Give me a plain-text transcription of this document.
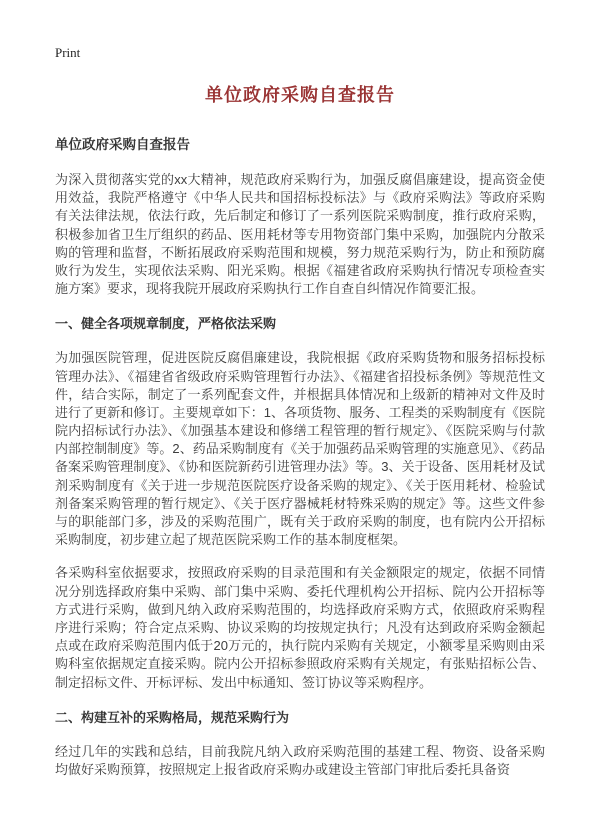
Print
单位政府采购自查报告
单位政府采购自查报告

为深入贯彻落实党的xx大精神，规范政府采购行为，加强反腐倡廉建设，提高资金使用效益，我院严格遵守《中华人民共和国招标投标法》与《政府采购法》等政府采购有关法律法规，依法行政，先后制定和修订了一系列医院采购制度，推行政府采购，积极参加省卫生厅组织的药品、医用耗材等专用物资部门集中采购，加强院内分散采购的管理和监督，不断拓展政府采购范围和规模，努力规范采购行为，防止和预防腐败行为发生，实现依法采购、阳光采购。根据《福建省政府采购执行情况专项检查实施方案》要求，现将我院开展政府采购执行工作自查自纠情况作简要汇报。

一、健全各项规章制度，严格依法采购

为加强医院管理，促进医院反腐倡廉建设，我院根据《政府采购货物和服务招标投标管理办法》、《福建省省级政府采购管理暂行办法》、《福建省招投标条例》等规范性文件，结合实际，制定了一系列配套文件，并根据具体情况和上级新的精神对文件及时进行了更新和修订。主要规章如下：1、各项货物、服务、工程类的采购制度有《医院院内招标试行办法》、《加强基本建设和修缮工程管理的暂行规定》、《医院采购与付款内部控制制度》等。2、药品采购制度有《关于加强药品采购管理的实施意见》、《药品备案采购管理制度》、《协和医院新药引进管理办法》等。3、关于设备、医用耗材及试剂采购制度有《关于进一步规范医院医疗设备采购的规定》、《关于医用耗材、检验试剂备案采购管理的暂行规定》、《关于医疗器械耗材特殊采购的规定》等。这些文件参与的职能部门多，涉及的采购范围广，既有关于政府采购的制度，也有院内公开招标采购制度，初步建立起了规范医院采购工作的基本制度框架。

各采购科室依据要求，按照政府采购的目录范围和有关金额限定的规定，依据不同情况分别选择政府集中采购、部门集中采购、委托代理机构公开招标、院内公开招标等方式进行采购，做到凡纳入政府采购范围的，均选择政府采购方式，依照政府采购程序进行采购；符合定点采购、协议采购的均按规定执行；凡没有达到政府采购金额起点或在政府采购范围内低于20万元的，执行院内采购有关规定，小额零星采购则由采购科室依据规定直接采购。院内公开招标参照政府采购有关规定，有张贴招标公告、制定招标文件、开标评标、发出中标通知、签订协议等采购程序。

二、构建互补的采购格局，规范采购行为

经过几年的实践和总结，目前我院凡纳入政府采购范围的基建工程、物资、设备采购均做好采购预算，按照规定上报省政府采购办或建设主管部门审批后委托具备资
